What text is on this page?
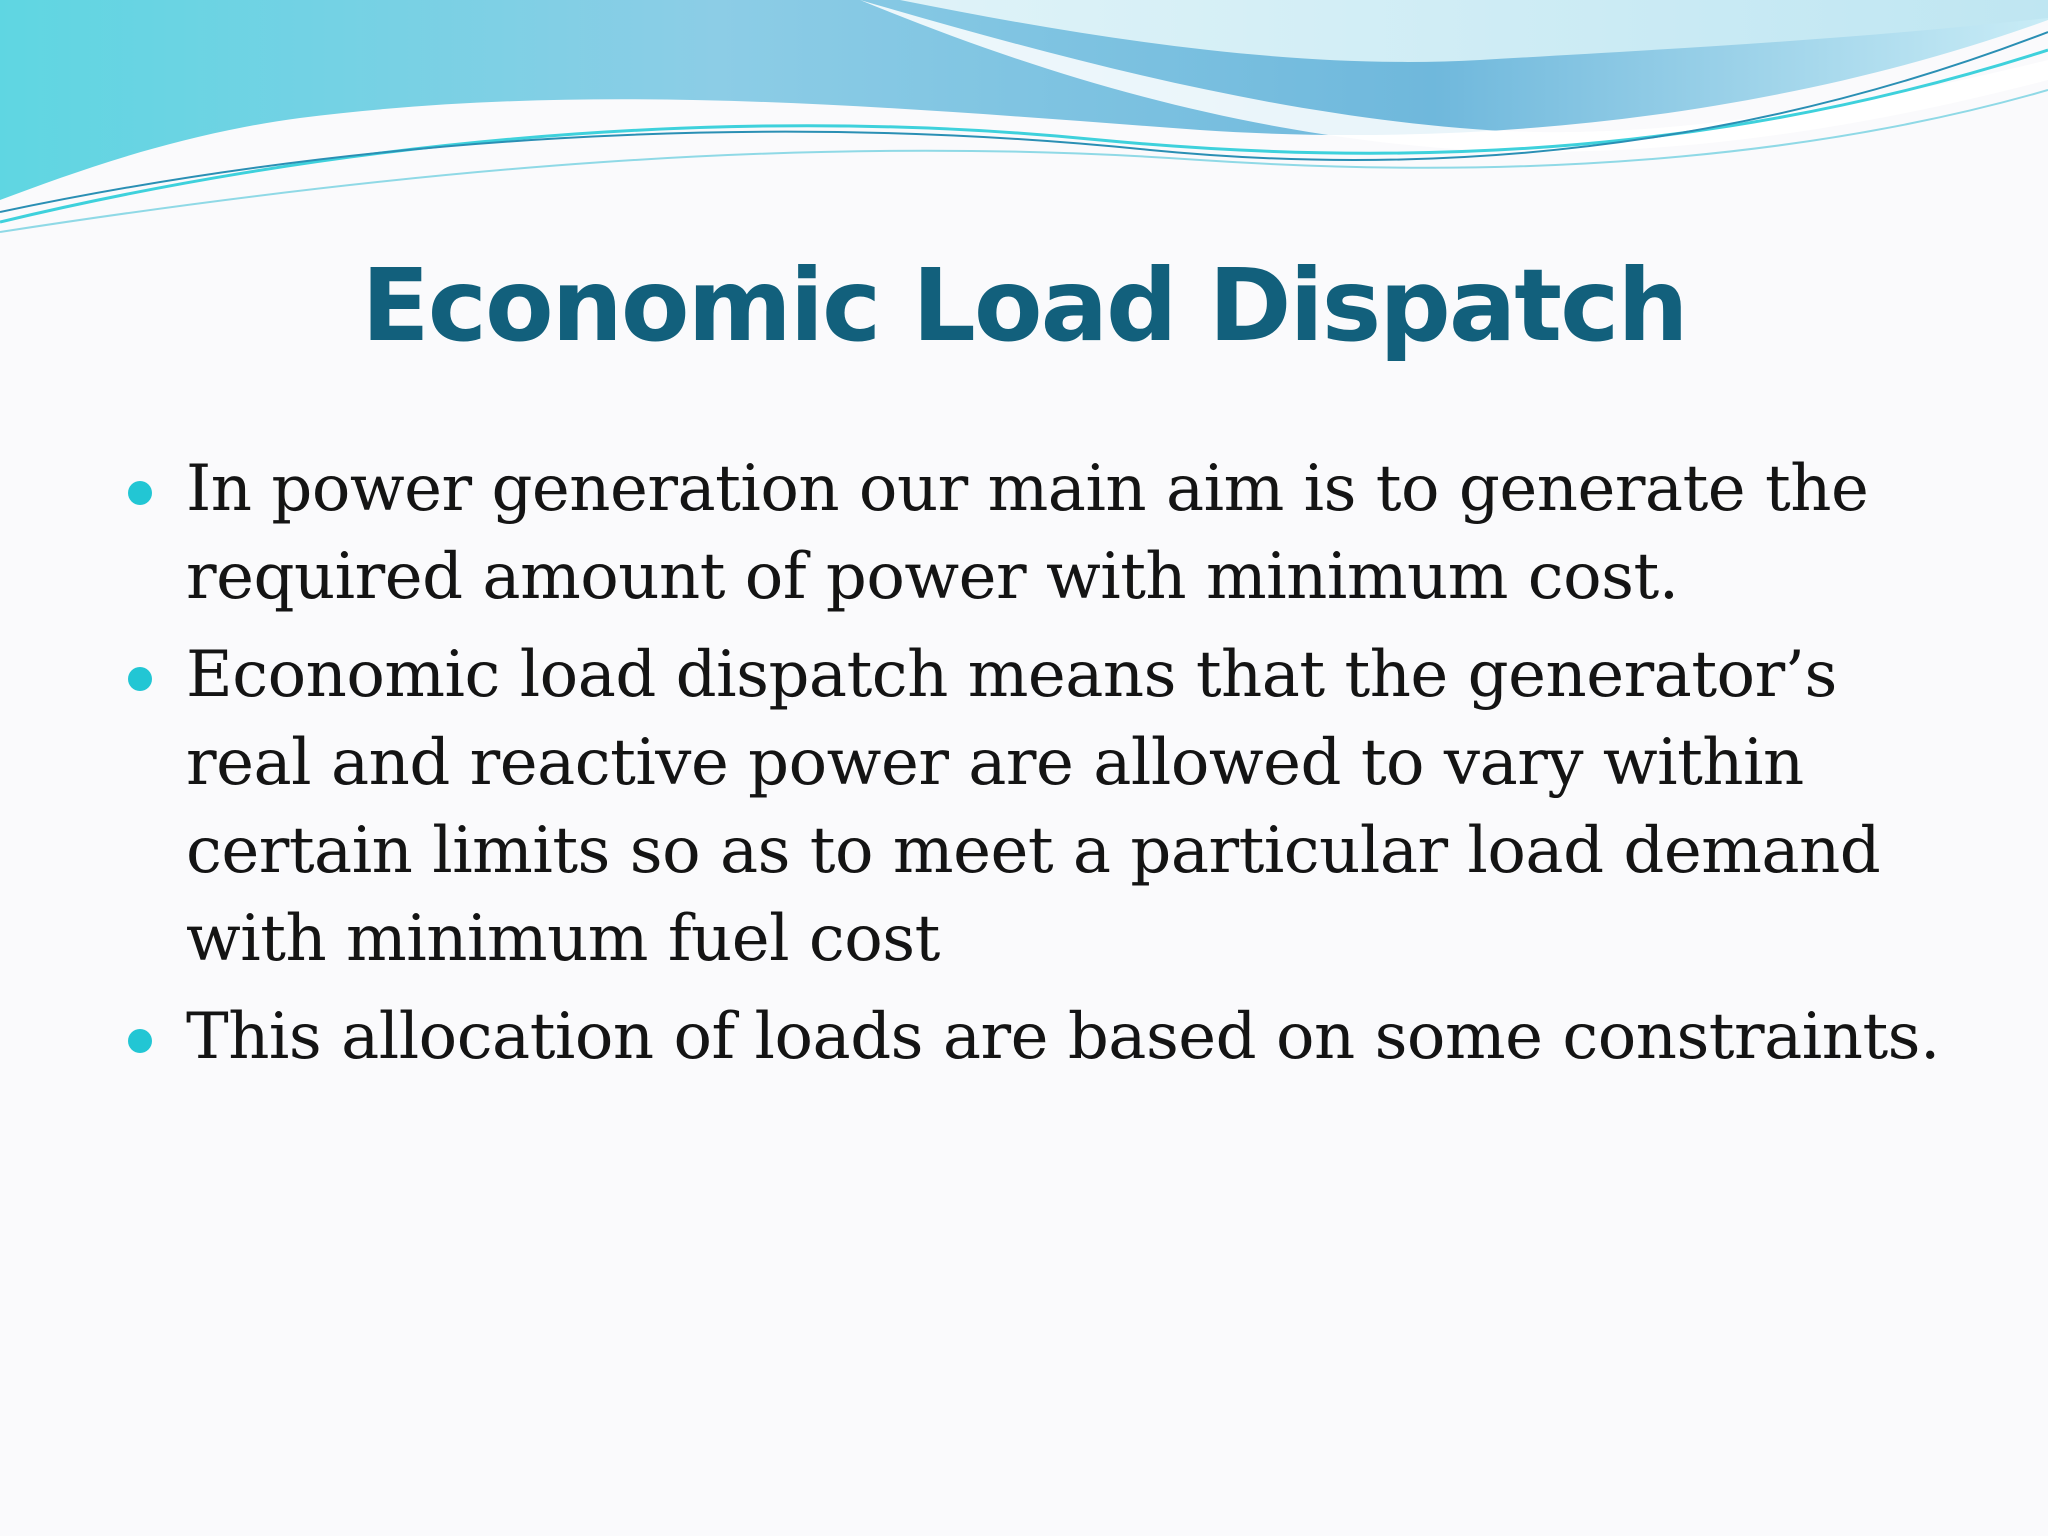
Economic Load Dispatch
In power generation our main aim is to generate the required amount of power with minimum cost.
Economic load dispatch means that the generator’s real and reactive power are allowed to vary within certain limits so as to meet a particular load demand with minimum fuel cost
This allocation of loads are based on some constraints.
